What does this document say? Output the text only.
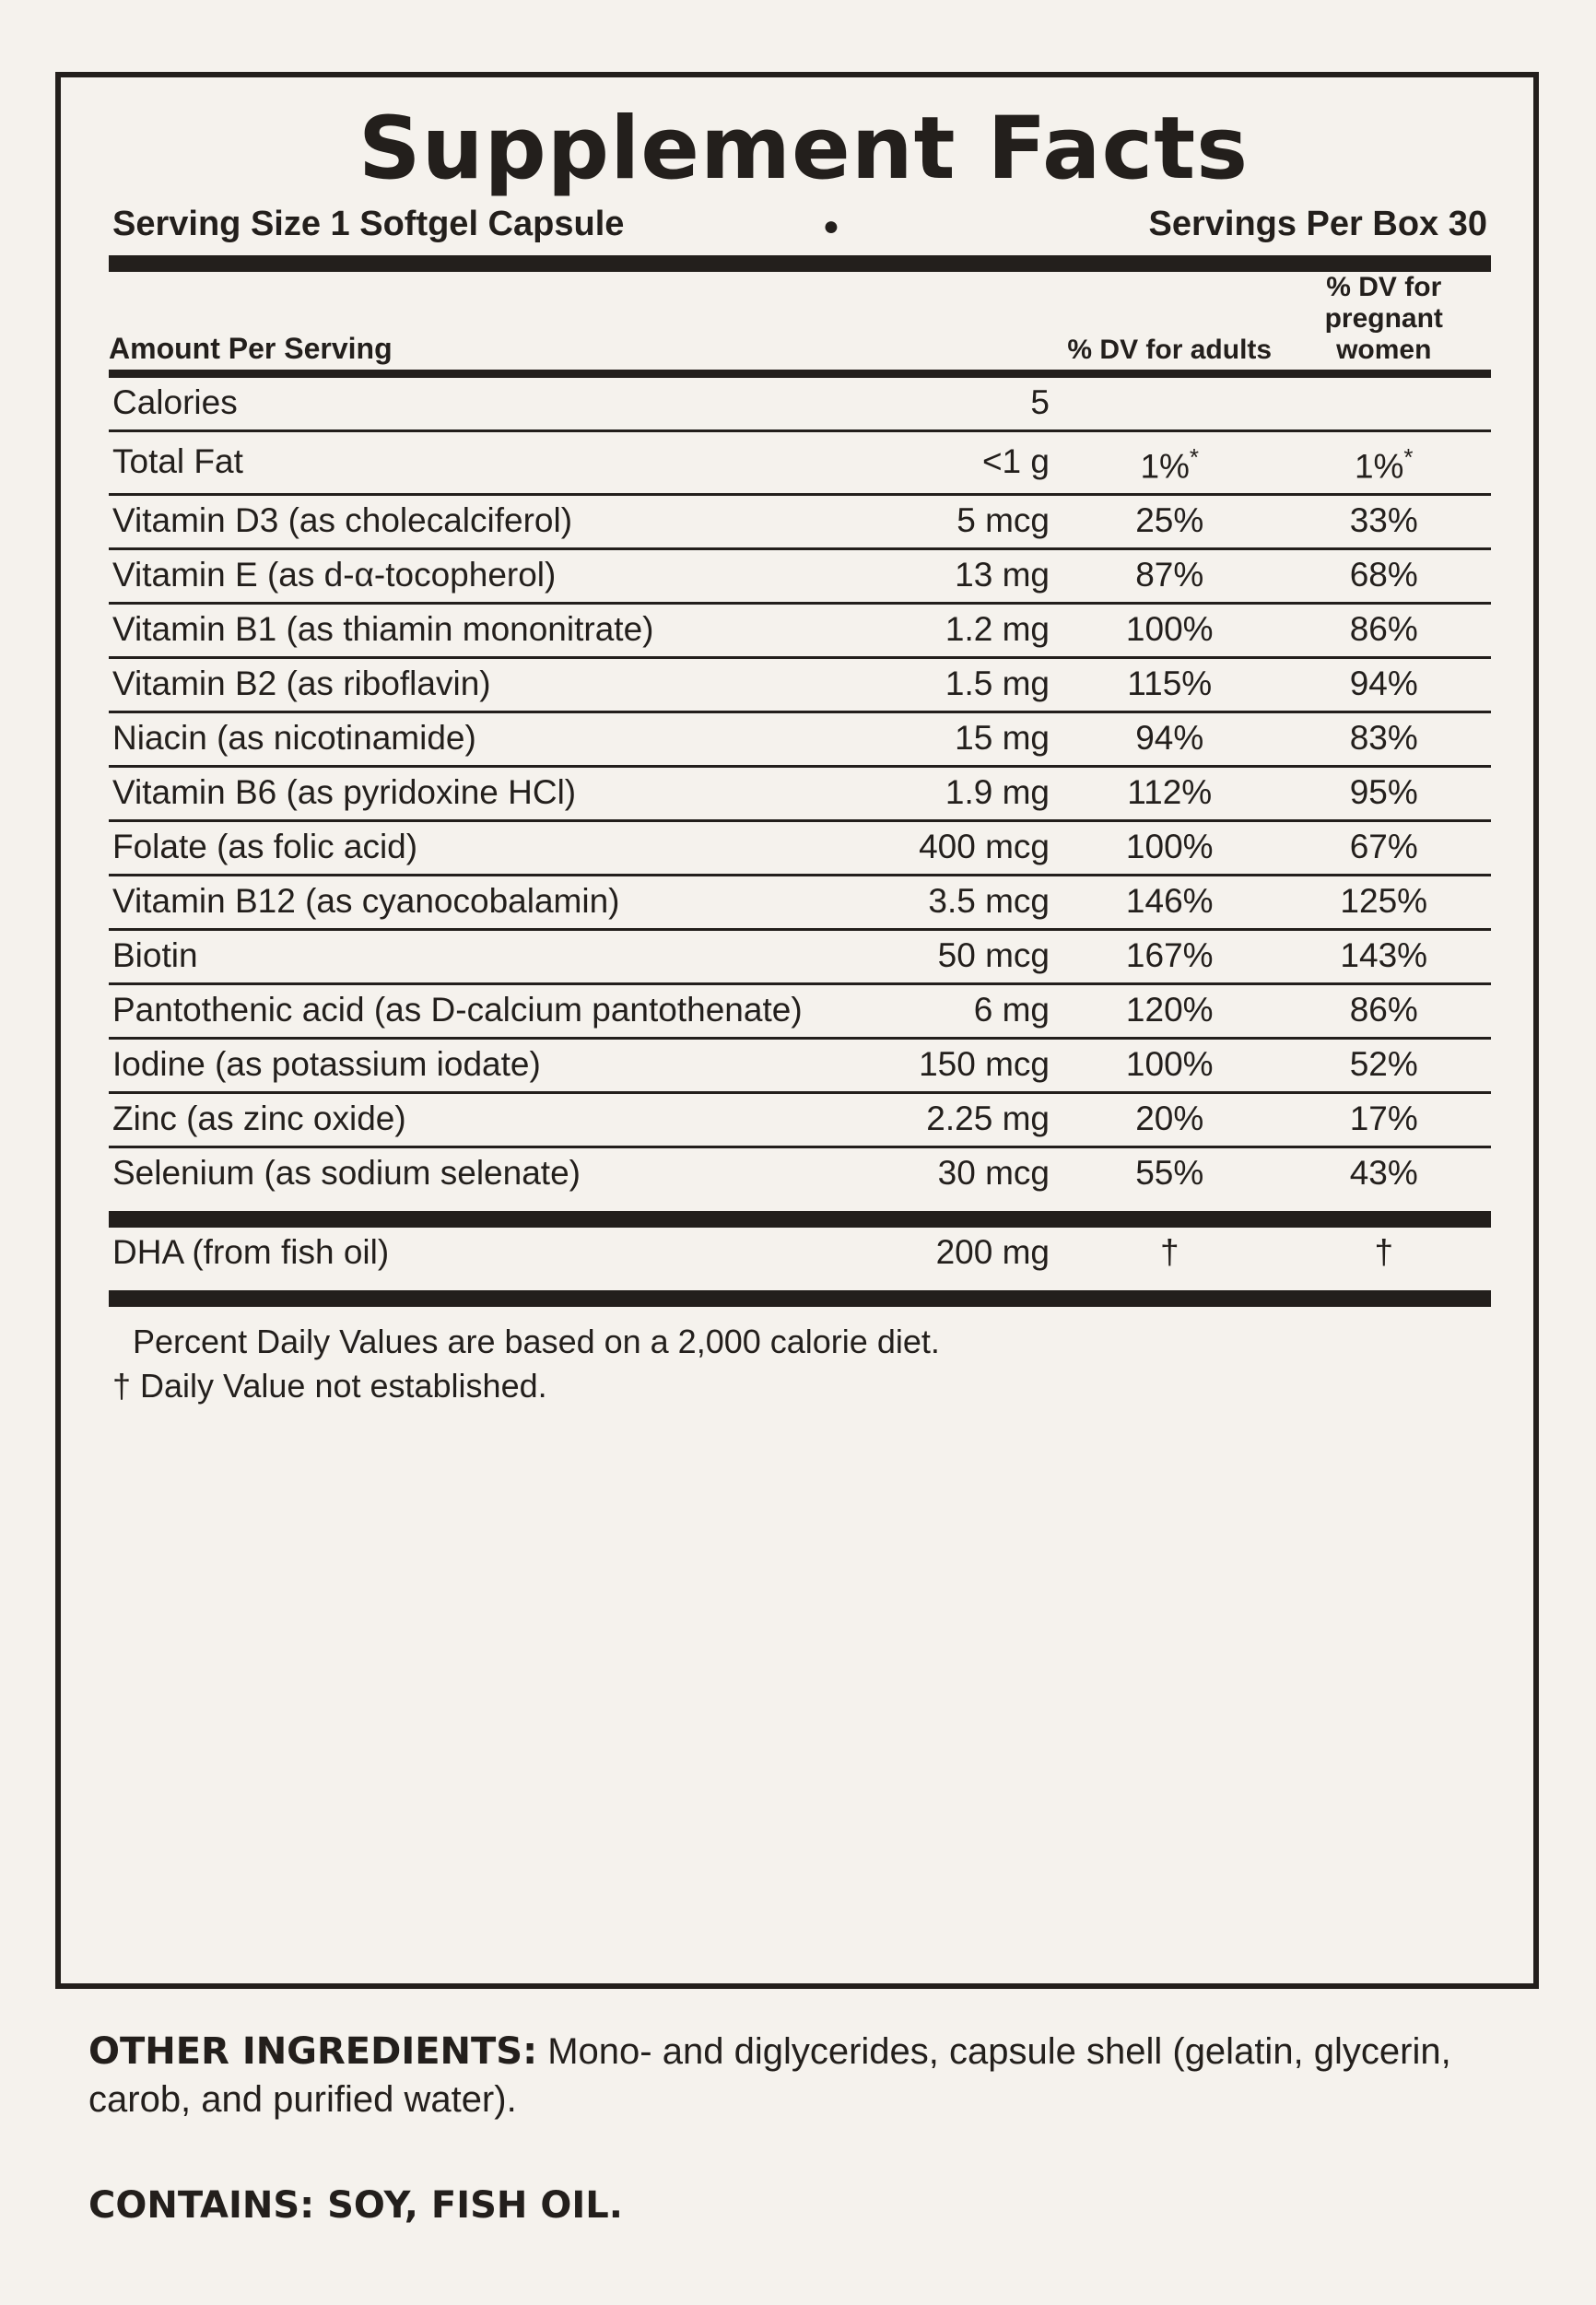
Supplement Facts
Serving Size 1 Softgel Capsule	●	Servings Per Box 30
Amount Per Serving		% DV for adults	% DV for pregnant women
Calories	5		
Total Fat	<1 g	1%*	1%*
Vitamin D3 (as cholecalciferol)	5 mcg	25%	33%
Vitamin E (as d-α-tocopherol)	13 mg	87%	68%
Vitamin B1 (as thiamin mononitrate)	1.2 mg	100%	86%
Vitamin B2 (as riboflavin)	1.5 mg	115%	94%
Niacin (as nicotinamide)	15 mg	94%	83%
Vitamin B6 (as pyridoxine HCl)	1.9 mg	112%	95%
Folate (as folic acid)	400 mcg	100%	67%
Vitamin B12 (as cyanocobalamin)	3.5 mcg	146%	125%
Biotin	50 mcg	167%	143%
Pantothenic acid (as D-calcium pantothenate)	6 mg	120%	86%
Iodine (as potassium iodate)	150 mcg	100%	52%
Zinc (as zinc oxide)	2.25 mg	20%	17%
Selenium (as sodium selenate)	30 mcg	55%	43%
DHA (from fish oil)	200 mg	†	†
Percent Daily Values are based on a 2,000 calorie diet.
† Daily Value not established.
OTHER INGREDIENTS: Mono- and diglycerides, capsule shell (gelatin, glycerin, carob, and purified water).
CONTAINS: SOY, FISH OIL.
